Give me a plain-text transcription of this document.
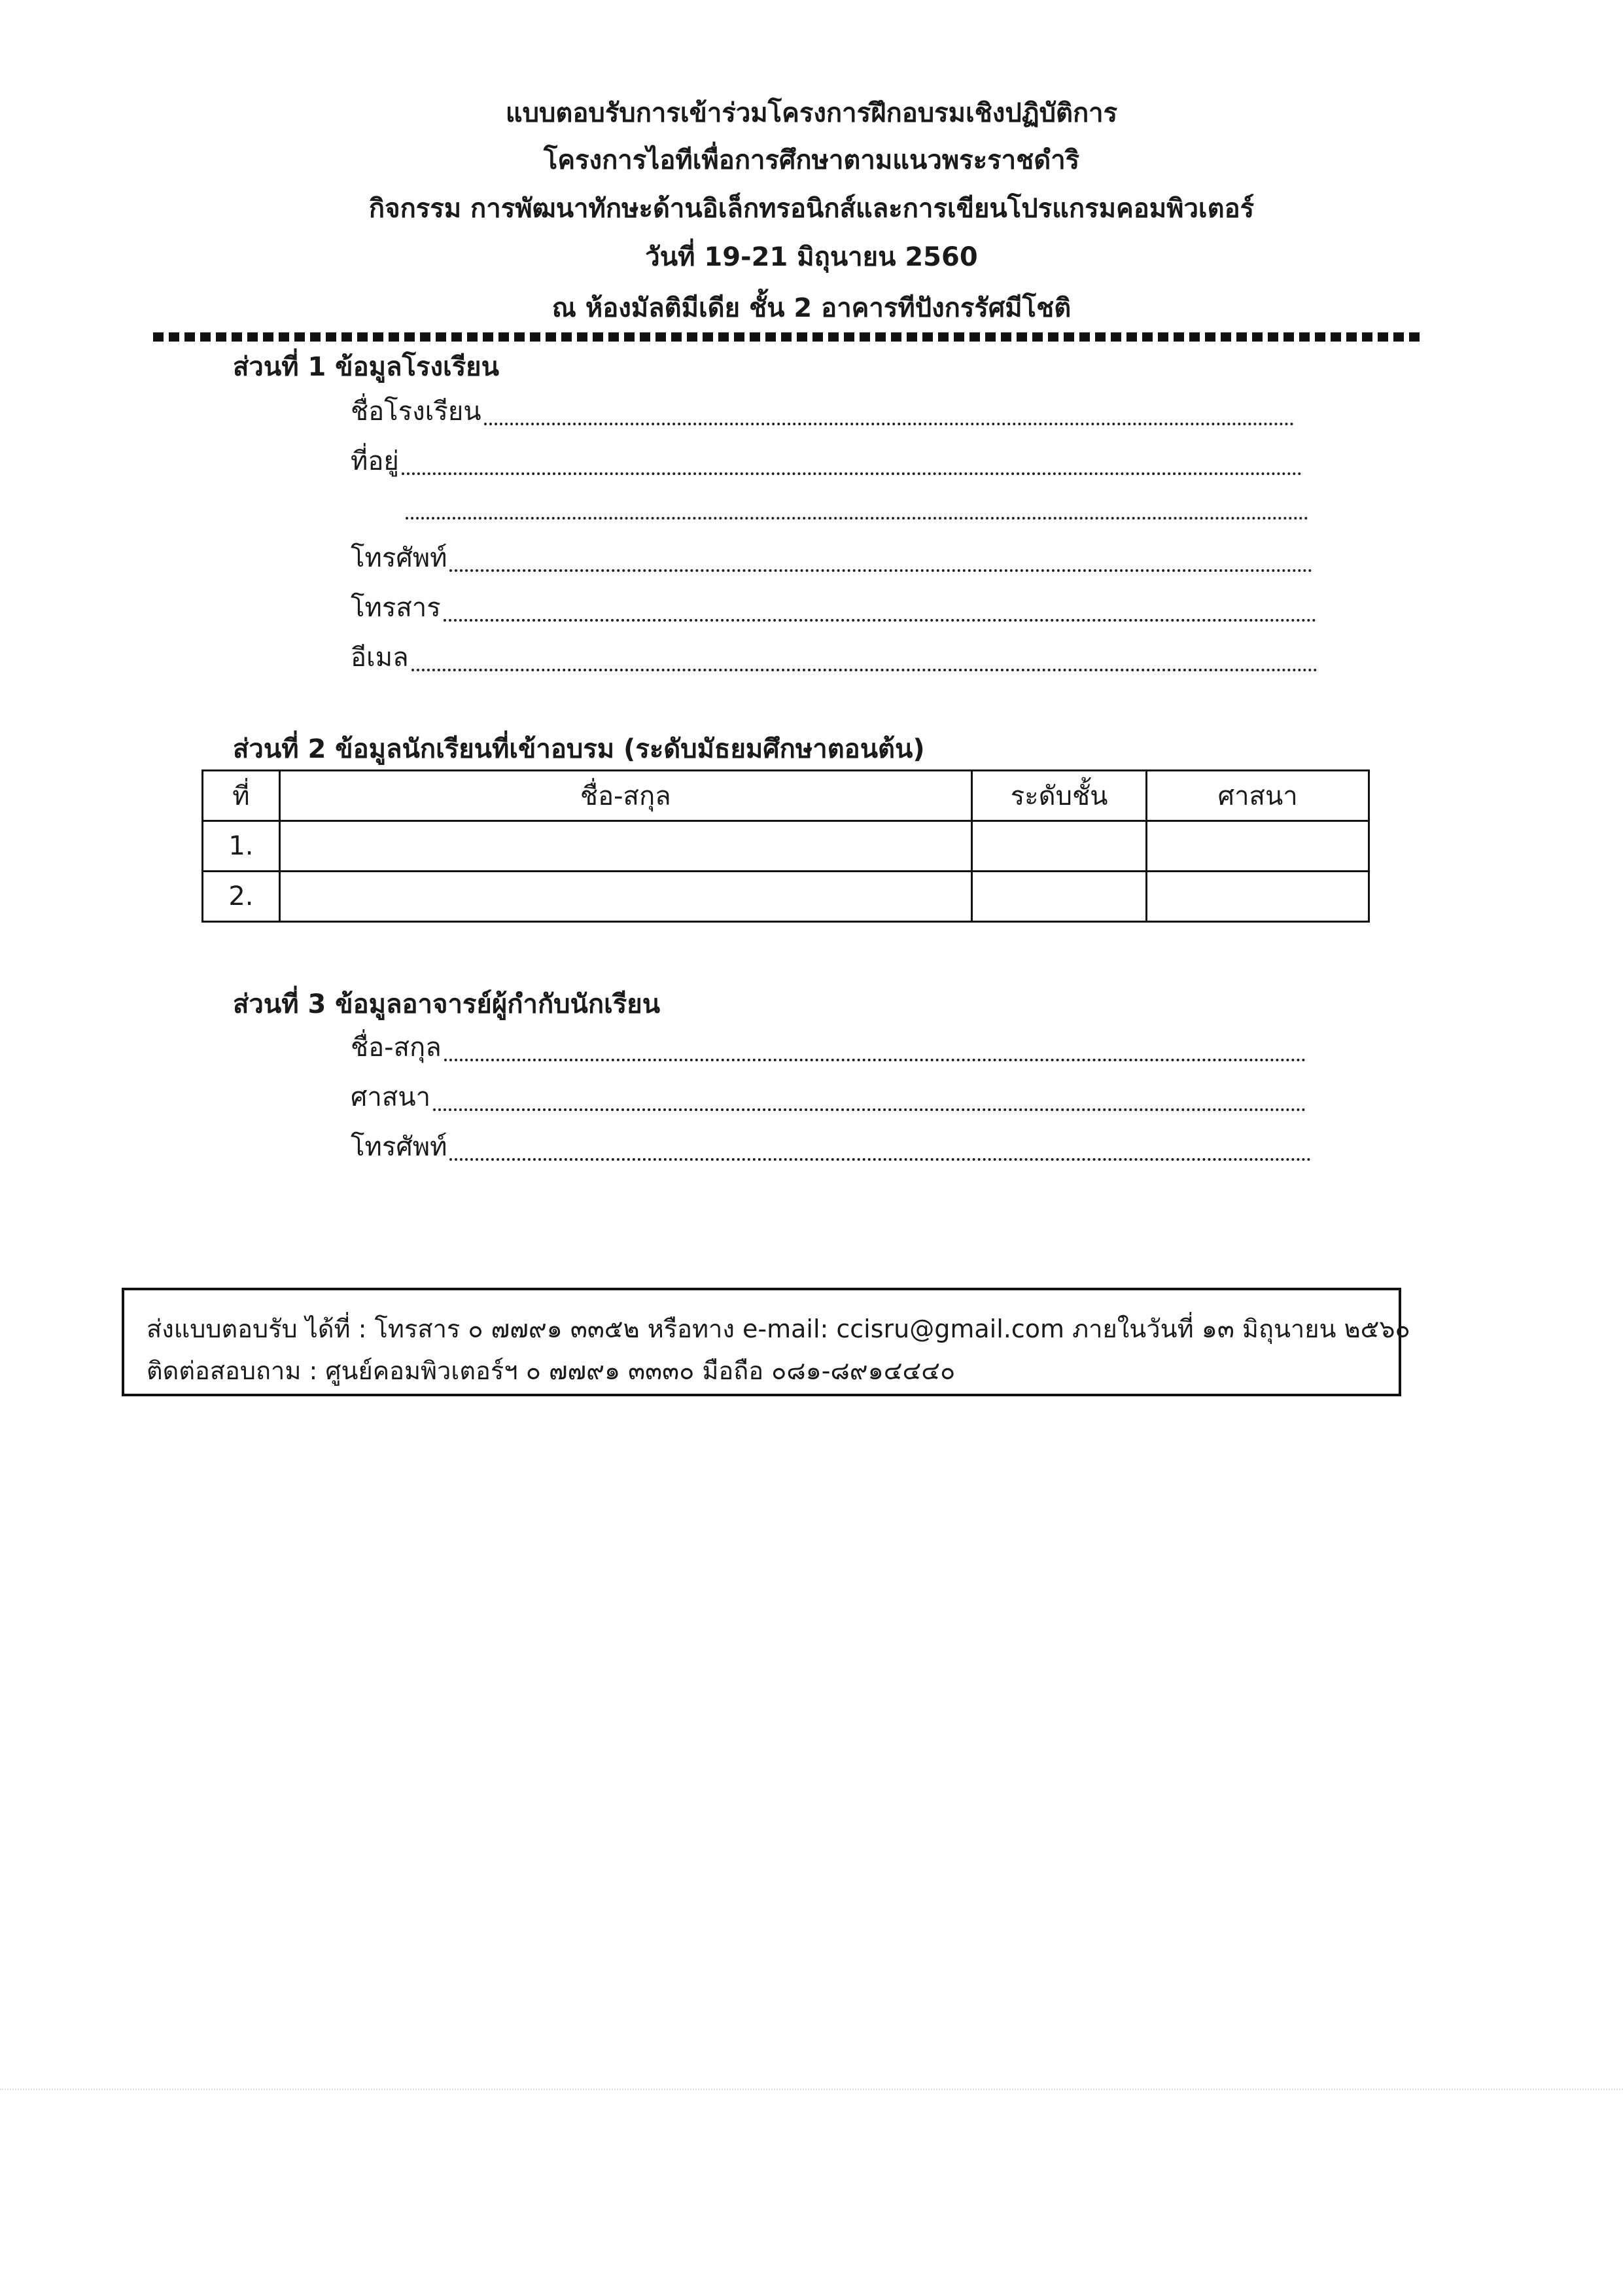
แบบตอบรับการเข้าร่วมโครงการฝึกอบรมเชิงปฏิบัติการ
โครงการไอทีเพื่อการศึกษาตามแนวพระราชดำริ
กิจกรรม การพัฒนาทักษะด้านอิเล็กทรอนิกส์และการเขียนโปรแกรมคอมพิวเตอร์
วันที่ 19-21 มิถุนายน 2560
ณ ห้องมัลติมีเดีย ชั้น 2 อาคารทีปังกรรัศมีโชติ
ส่วนที่ 1 ข้อมูลโรงเรียน
ชื่อโรงเรียน
ที่อยู่
โทรศัพท์
โทรสาร
อีเมล
ส่วนที่ 2 ข้อมูลนักเรียนที่เข้าอบรม (ระดับมัธยมศึกษาตอนต้น)
ที่	ชื่อ-สกุล	ระดับชั้น	ศาสนา
1.			
2.			
ส่วนที่ 3 ข้อมูลอาจารย์ผู้กำกับนักเรียน
ชื่อ-สกุล
ศาสนา
โทรศัพท์
ส่งแบบตอบรับ ได้ที่ : โทรสาร ๐ ๗๗๙๑ ๓๓๕๒ หรือทาง e-mail: ccisru@gmail.com ภายในวันที่ ๑๓ มิถุนายน ๒๕๖๐
ติดต่อสอบถาม : ศูนย์คอมพิวเตอร์ฯ ๐ ๗๗๙๑ ๓๓๓๐ มือถือ ๐๘๑-๘๙๑๔๔๔๐
